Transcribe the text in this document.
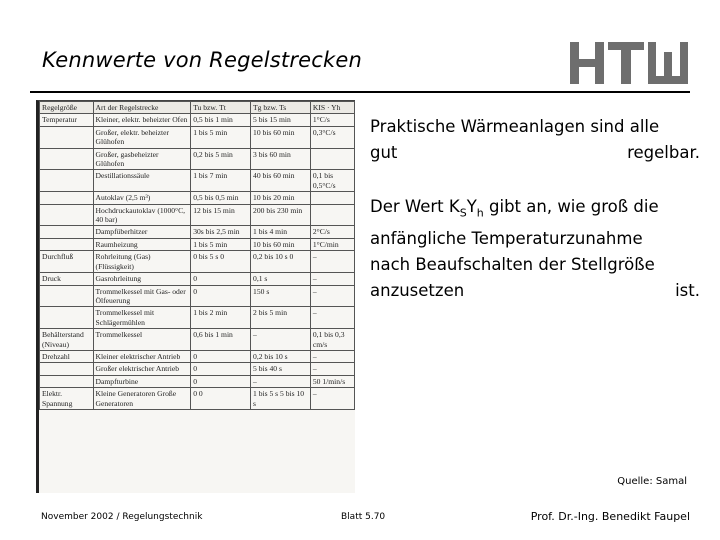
Kennwerte von Regelstrecken
Regelgröße	Art der Regelstrecke	Tu bzw. Tt	Tg bzw. Ts	KIS · Yh
Temperatur	Kleiner, elektr. beheizter Ofen	0,5 bis 1 min	5 bis 15 min	1°C/s
	Großer, elektr. beheizter Glühofen	1 bis 5 min	10 bis 60 min	0,3°C/s
	Großer, gasbeheizter Glühofen	0,2 bis 5 min	3 bis 60 min	
	Destillationssäule	1 bis 7 min	40 bis 60 min	0,1 bis 0,5°C/s
	Autoklav (2,5 m³)	0,5 bis 0,5 min	10 bis 20 min	
	Hochdruckautoklav (1000°C, 40 bar)	12 bis 15 min	200 bis 230 min	
	Dampfüberhitzer	30s bis 2,5 min	1 bis 4 min	2°C/s
	Raumheizung	1 bis 5 min	10 bis 60 min	1°C/min
Durchfluß	Rohrleitung (Gas) (Flüssigkeit)	0 bis 5 s 0	0,2 bis 10 s 0	–
Druck	Gasrohrleitung	0	0,1 s	–
	Trommelkessel mit Gas- oder Ölfeuerung	0	150 s	–
	Trommelkessel mit Schlägermühlen	1 bis 2 min	2 bis 5 min	–
Behälterstand (Niveau)	Trommelkessel	0,6 bis 1 min	–	0,1 bis 0,3 cm/s
Drehzahl	Kleiner elektrischer Antrieb	0	0,2 bis 10 s	–
	Großer elektrischer Antrieb	0	5 bis 40 s	–
	Dampfturbine	0	–	50 1/min/s
Elektr. Spannung	Kleine Generatoren Große Generatoren	0 0	1 bis 5 s 5 bis 10 s	–
Praktische Wärmeanlagen sind alle
gut regelbar.
Der Wert $K_SY_h$ gibt an, wie groß die
anfängliche Temperaturzunahme
nach Beaufschalten der Stellgröße
anzusetzen ist.
Quelle: Samal
November 2002 / Regelungstechnik	Blatt 5.70	Prof. Dr.-Ing. Benedikt Faupel
